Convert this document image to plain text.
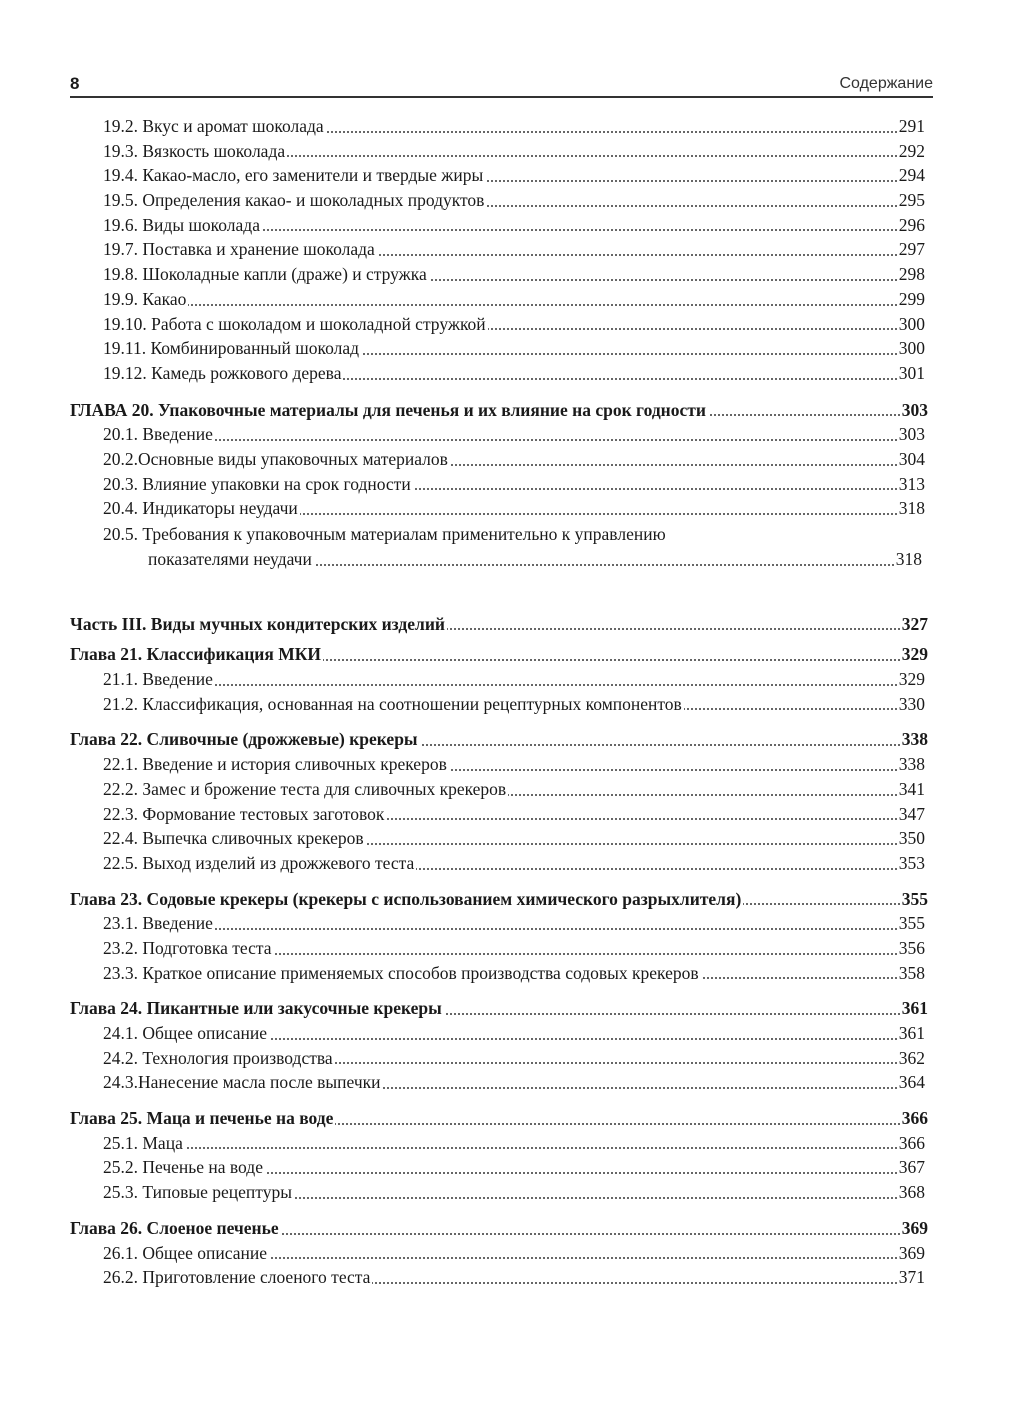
8	Содержание
19.2. Вкус и аромат шоколада	291
19.3. Вязкость шоколада	292
19.4. Какао-масло, его заменители и твердые жиры	294
19.5. Определения какао- и шоколадных продуктов	295
19.6. Виды шоколада	296
19.7. Поставка и хранение шоколада	297
19.8. Шоколадные капли (драже) и стружка	298
19.9. Какао	299
19.10. Работа с шоколадом и шоколадной стружкой	300
19.11. Комбинированный шоколад	300
19.12. Камедь рожкового дерева	301
ГЛАВА 20. Упаковочные материалы для печенья и их влияние на срок годности	303
20.1. Введение	303
20.2.Основные виды упаковочных материалов	304
20.3. Влияние упаковки на срок годности	313
20.4. Индикаторы неудачи	318
20.5. Требования к упаковочным материалам применительно к управлению
показателями неудачи	318
Часть III. Виды мучных кондитерских изделий	327
Глава 21. Классификация МКИ	329
21.1. Введение	329
21.2. Классификация, основанная на соотношении рецептурных компонентов	330
Глава 22. Сливочные (дрожжевые) крекеры	338
22.1. Введение и история сливочных крекеров	338
22.2. Замес и брожение теста для сливочных крекеров	341
22.3. Формование тестовых заготовок	347
22.4. Выпечка сливочных крекеров	350
22.5. Выход изделий из дрожжевого теста	353
Глава 23. Содовые крекеры (крекеры с использованием химического разрыхлителя)	355
23.1. Введение	355
23.2. Подготовка теста	356
23.3. Краткое описание применяемых способов производства содовых крекеров	358
Глава 24. Пикантные или закусочные крекеры	361
24.1. Общее описание	361
24.2. Технология производства	362
24.3.Нанесение масла после выпечки	364
Глава 25. Маца и печенье на воде	366
25.1. Маца	366
25.2. Печенье на воде	367
25.3. Типовые рецептуры	368
Глава 26. Слоеное печенье	369
26.1. Общее описание	369
26.2. Приготовление слоеного теста	371
